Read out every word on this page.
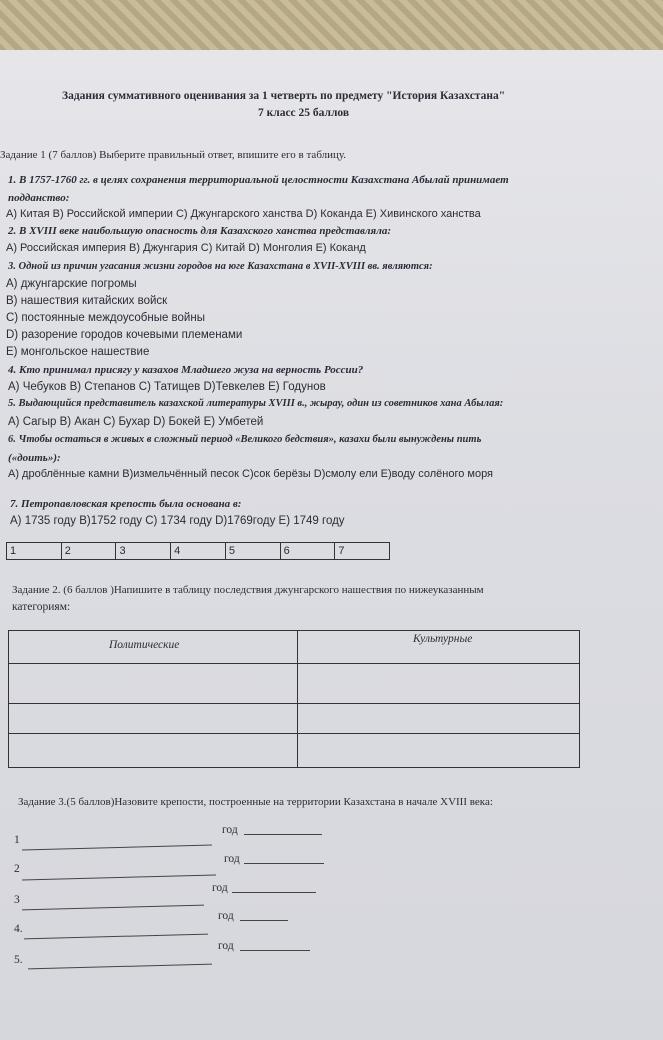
Задания суммативного оценивания за 1 четверть по предмету "История Казахстана"
7 класс 25 баллов
Задание 1 (7 баллов) Выберите правильный ответ, впишите его в таблицу.
1. В 1757-1760 гг. в целях сохранения территориальной целостности Казахстана Абылай принимает
подданство:
A) Китая B) Российской империи C) Джунгарского ханства D) Коканда E) Хивинского ханства
2. В XVIII веке наибольшую опасность для Казахского ханства представляла:
A) Российская империя B) Джунгария C) Китай D) Монголия E) Коканд
3. Одной из причин угасания жизни городов на юге Казахстана в XVII-XVIII вв. являются:
A) джунгарские погромы
B) нашествия китайских войск
C) постоянные междоусобные войны
D) разорение городов кочевыми племенами
E) монгольское нашествие
4. Кто принимал присягу у казахов Младшего жуза на верность России?
A) Чебуков B) Степанов C) Татищев D)Тевкелев E) Годунов
5. Выдающийся представитель казахской литературы XVIII в., жырау, один из советников хана Абылая:
A) Сагыр B) Акан C) Бухар D) Бокей E) Умбетей
6. Чтобы остаться в живых в сложный период «Великого бедствия», казахи были вынуждены пить
(«доить»):
A) дроблённые камни B)измельчённый песок C)сок берёзы D)смолу ели E)воду солёного моря
7. Петропавловская крепость была основана в:
A) 1735 году B)1752 году C) 1734 году D)1769году E) 1749 году
1	2	3	4	5	6	7
Задание 2. (6 баллов )Напишите в таблицу последствия джунгарского нашествия по нижеуказанным
категориям:
Политические	Культурные
Задание 3.(5 баллов)Назовите крепости, построенные на территории Казахстана в начале XVIII века:
1
год
2
год
3
год
4.
год
5.
год
